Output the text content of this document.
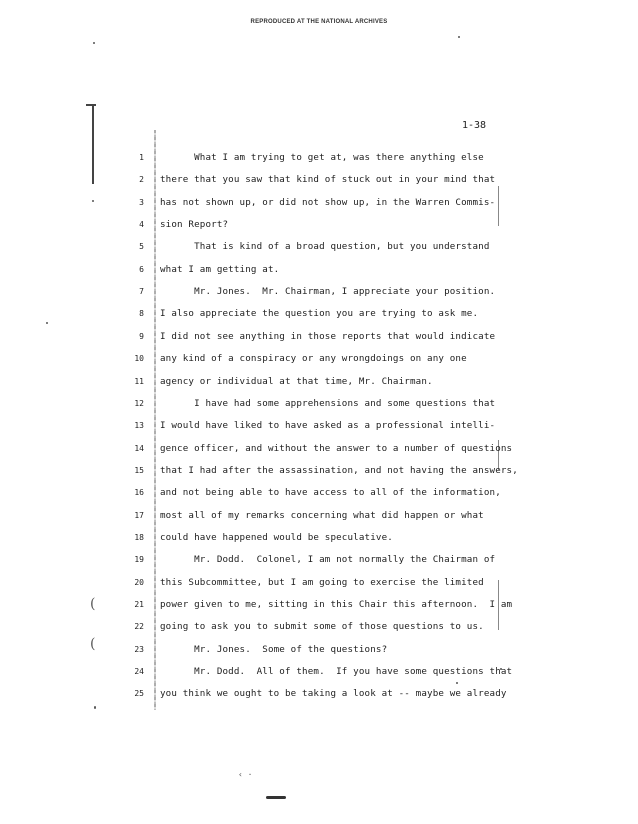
REPRODUCED AT THE NATIONAL ARCHIVES
1-38
(
(
1 What I am trying to get at, was there anything else
2 there that you saw that kind of stuck out in your mind that
3 has not shown up, or did not show up, in the Warren Commis-
4 sion Report?
5 That is kind of a broad question, but you understand
6 what I am getting at.
7 Mr. Jones.  Mr. Chairman, I appreciate your position.
8 I also appreciate the question you are trying to ask me.
9 I did not see anything in those reports that would indicate
10 any kind of a conspiracy or any wrongdoings on any one
11 agency or individual at that time, Mr. Chairman.
12 I have had some apprehensions and some questions that
13 I would have liked to have asked as a professional intelli-
14 gence officer, and without the answer to a number of questions
15 that I had after the assassination, and not having the answers,
16 and not being able to have access to all of the information,
17 most all of my remarks concerning what did happen or what
18 could have happened would be speculative.
19 Mr. Dodd.  Colonel, I am not normally the Chairman of
20 this Subcommittee, but I am going to exercise the limited
21 power given to me, sitting in this Chair this afternoon.  I am
22 going to ask you to submit some of those questions to us.
23 Mr. Jones.  Some of the questions?
24 Mr. Dodd.  All of them.  If you have some questions that
25 you think we ought to be taking a look at -- maybe we already
‹ ·
